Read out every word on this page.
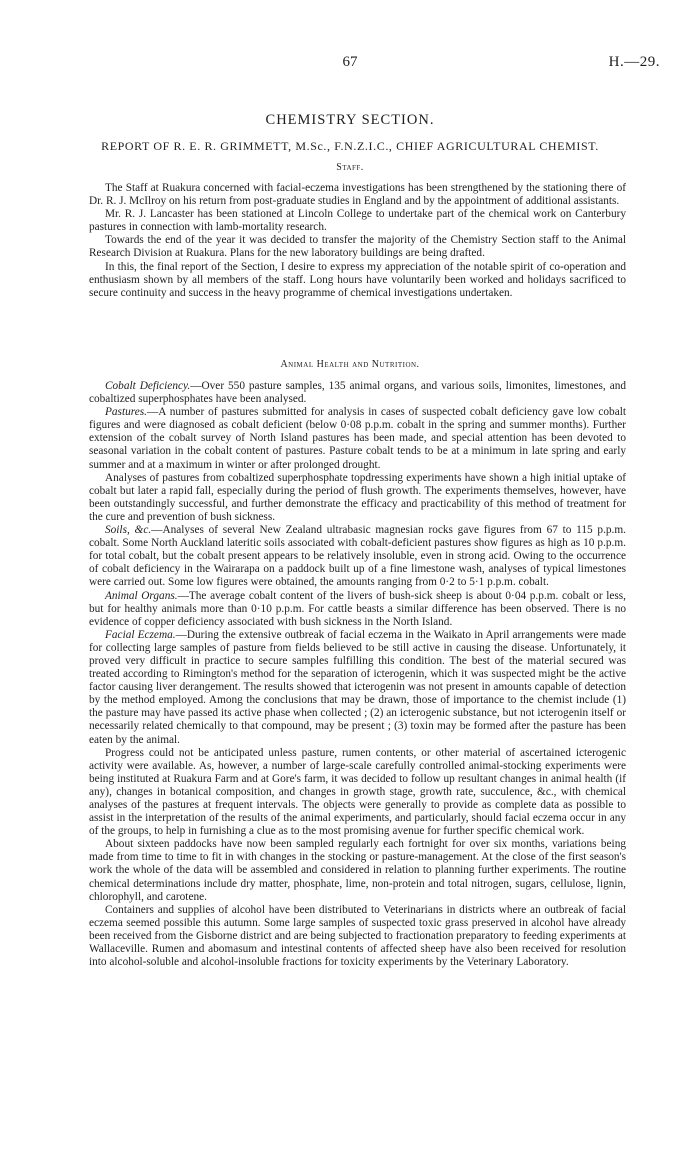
67	H.—29.
CHEMISTRY SECTION.
REPORT OF R. E. R. GRIMMETT, M.Sc., F.N.Z.I.C., CHIEF AGRICULTURAL CHEMIST.
Staff.

The Staff at Ruakura concerned with facial-eczema investigations has been strengthened by the stationing there of Dr. R. J. McIlroy on his return from post-graduate studies in England and by the appointment of additional assistants.

Mr. R. J. Lancaster has been stationed at Lincoln College to undertake part of the chemical work on Canterbury pastures in connection with lamb-mortality research.

Towards the end of the year it was decided to transfer the majority of the Chemistry Section staff to the Animal Research Division at Ruakura. Plans for the new laboratory buildings are being drafted.

In this, the final report of the Section, I desire to express my appreciation of the notable spirit of co-operation and enthusiasm shown by all members of the staff. Long hours have voluntarily been worked and holidays sacrificed to secure continuity and success in the heavy programme of chemical investigations undertaken.

Animal Health and Nutrition.

Cobalt Deficiency.—Over 550 pasture samples, 135 animal organs, and various soils, limonites, limestones, and cobaltized superphosphates have been analysed.

Pastures.—A number of pastures submitted for analysis in cases of suspected cobalt deficiency gave low cobalt figures and were diagnosed as cobalt deficient (below 0·08 p.p.m. cobalt in the spring and summer months). Further extension of the cobalt survey of North Island pastures has been made, and special attention has been devoted to seasonal variation in the cobalt content of pastures. Pasture cobalt tends to be at a minimum in late spring and early summer and at a maximum in winter or after prolonged drought.

Analyses of pastures from cobaltized superphosphate topdressing experiments have shown a high initial uptake of cobalt but later a rapid fall, especially during the period of flush growth. The experiments themselves, however, have been outstandingly successful, and further demonstrate the efficacy and practicability of this method of treatment for the cure and prevention of bush sickness.

Soils, &c.—Analyses of several New Zealand ultrabasic magnesian rocks gave figures from 67 to 115 p.p.m. cobalt. Some North Auckland lateritic soils associated with cobalt-deficient pastures show figures as high as 10 p.p.m. for total cobalt, but the cobalt present appears to be relatively insoluble, even in strong acid. Owing to the occurrence of cobalt deficiency in the Wairarapa on a paddock built up of a fine limestone wash, analyses of typical limestones were carried out. Some low figures were obtained, the amounts ranging from 0·2 to 5·1 p.p.m. cobalt.

Animal Organs.—The average cobalt content of the livers of bush-sick sheep is about 0·04 p.p.m. cobalt or less, but for healthy animals more than 0·10 p.p.m. For cattle beasts a similar difference has been observed. There is no evidence of copper deficiency associated with bush sickness in the North Island.

Facial Eczema.—During the extensive outbreak of facial eczema in the Waikato in April arrangements were made for collecting large samples of pasture from fields believed to be still active in causing the disease. Unfortunately, it proved very difficult in practice to secure samples fulfilling this condition. The best of the material secured was treated according to Rimington's method for the separation of icterogenin, which it was suspected might be the active factor causing liver derangement. The results showed that icterogenin was not present in amounts capable of detection by the method employed. Among the conclusions that may be drawn, those of importance to the chemist include (1) the pasture may have passed its active phase when collected ; (2) an icterogenic substance, but not icterogenin itself or necessarily related chemically to that compound, may be present ; (3) toxin may be formed after the pasture has been eaten by the animal.

Progress could not be anticipated unless pasture, rumen contents, or other material of ascertained icterogenic activity were available. As, however, a number of large-scale carefully controlled animal-stocking experiments were being instituted at Ruakura Farm and at Gore's farm, it was decided to follow up resultant changes in animal health (if any), changes in botanical composition, and changes in growth stage, growth rate, succulence, &c., with chemical analyses of the pastures at frequent intervals. The objects were generally to provide as complete data as possible to assist in the interpretation of the results of the animal experiments, and particularly, should facial eczema occur in any of the groups, to help in furnishing a clue as to the most promising avenue for further specific chemical work.

About sixteen paddocks have now been sampled regularly each fortnight for over six months, variations being made from time to time to fit in with changes in the stocking or pasture-management. At the close of the first season's work the whole of the data will be assembled and considered in relation to planning further experiments. The routine chemical determinations include dry matter, phosphate, lime, non-protein and total nitrogen, sugars, cellulose, lignin, chlorophyll, and carotene.

Containers and supplies of alcohol have been distributed to Veterinarians in districts where an outbreak of facial eczema seemed possible this autumn. Some large samples of suspected toxic grass preserved in alcohol have already been received from the Gisborne district and are being subjected to fractionation preparatory to feeding experiments at Wallaceville. Rumen and abomasum and intestinal contents of affected sheep have also been received for resolution into alcohol-soluble and alcohol-insoluble fractions for toxicity experiments by the Veterinary Laboratory.
